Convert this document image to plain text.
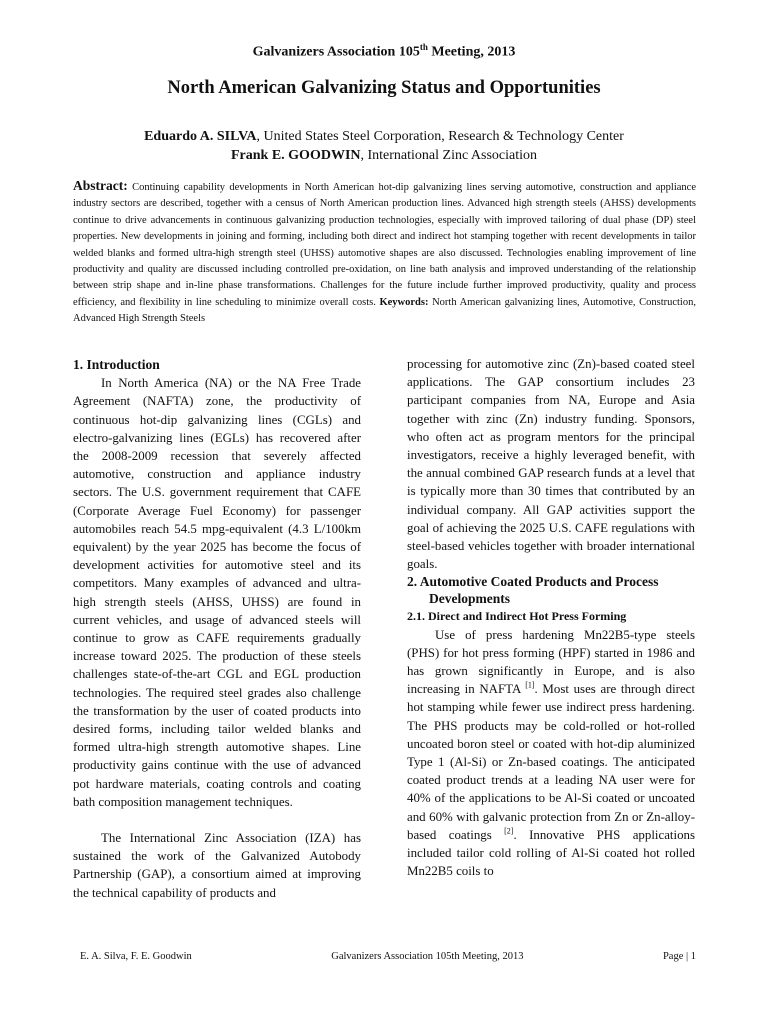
Galvanizers Association 105th Meeting, 2013
North American Galvanizing Status and Opportunities
Eduardo A. SILVA, United States Steel Corporation, Research & Technology Center
Frank E. GOODWIN, International Zinc Association
Abstract: Continuing capability developments in North American hot-dip galvanizing lines serving automotive, construction and appliance industry sectors are described, together with a census of North American production lines. Advanced high strength steels (AHSS) developments continue to drive advancements in continuous galvanizing production technologies, especially with improved tailoring of dual phase (DP) steel properties. New developments in joining and forming, including both direct and indirect hot stamping together with recent developments in tailor welded blanks and formed ultra-high strength steel (UHSS) automotive shapes are also discussed. Technologies enabling improvement of line productivity and quality are discussed including controlled pre-oxidation, on line bath analysis and improved understanding of the relationship between strip shape and in-line phase transformations. Challenges for the future include further improved productivity, quality and process efficiency, and flexibility in line scheduling to minimize overall costs. Keywords: North American galvanizing lines, Automotive, Construction, Advanced High Strength Steels

1. Introduction

In North America (NA) or the NA Free Trade Agreement (NAFTA) zone, the productivity of continuous hot-dip galvanizing lines (CGLs) and electro-galvanizing lines (EGLs) has recovered after the 2008-2009 recession that severely affected automotive, construction and appliance industry sectors. The U.S. government requirement that CAFE (Corporate Average Fuel Economy) for passenger automobiles reach 54.5 mpg-equivalent (4.3 L/100km equivalent) by the year 2025 has become the focus of development activities for automotive steel and its competitors. Many examples of advanced and ultra-high strength steels (AHSS, UHSS) are found in current vehicles, and usage of advanced steels will continue to grow as CAFE requirements gradually increase toward 2025. The production of these steels challenges state-of-the-art CGL and EGL production technologies. The required steel grades also challenge the transformation by the user of coated products into desired forms, including tailor welded blanks and formed ultra-high strength automotive shapes. Line productivity gains continue with the use of advanced pot hardware materials, coating controls and coating bath composition management techniques.

The International Zinc Association (IZA) has sustained the work of the Galvanized Autobody Partnership (GAP), a consortium aimed at improving the technical capability of products and

processing for automotive zinc (Zn)-based coated steel applications. The GAP consortium includes 23 participant companies from NA, Europe and Asia together with zinc (Zn) industry funding. Sponsors, who often act as program mentors for the principal investigators, receive a highly leveraged benefit, with the annual combined GAP research funds at a level that is typically more than 30 times that contributed by an individual company. All GAP activities support the goal of achieving the 2025 U.S. CAFE regulations with steel-based vehicles together with broader international goals.

2. Automotive Coated Products and Process Developments

2.1. Direct and Indirect Hot Press Forming

Use of press hardening Mn22B5-type steels (PHS) for hot press forming (HPF) started in 1986 and has grown significantly in Europe, and is also increasing in NAFTA [1]. Most uses are through direct hot stamping while fewer use indirect press hardening. The PHS products may be cold-rolled or hot-rolled uncoated boron steel or coated with hot-dip aluminized Type 1 (Al-Si) or Zn-based coatings. The anticipated coated product trends at a leading NA user were for 40% of the applications to be Al-Si coated or uncoated and 60% with galvanic protection from Zn or Zn-alloy-based coatings [2]. Innovative PHS applications included tailor cold rolling of Al-Si coated hot rolled Mn22B5 coils to

E. A. Silva, F. E. Goodwin	Galvanizers Association 105th Meeting, 2013	Page | 1
